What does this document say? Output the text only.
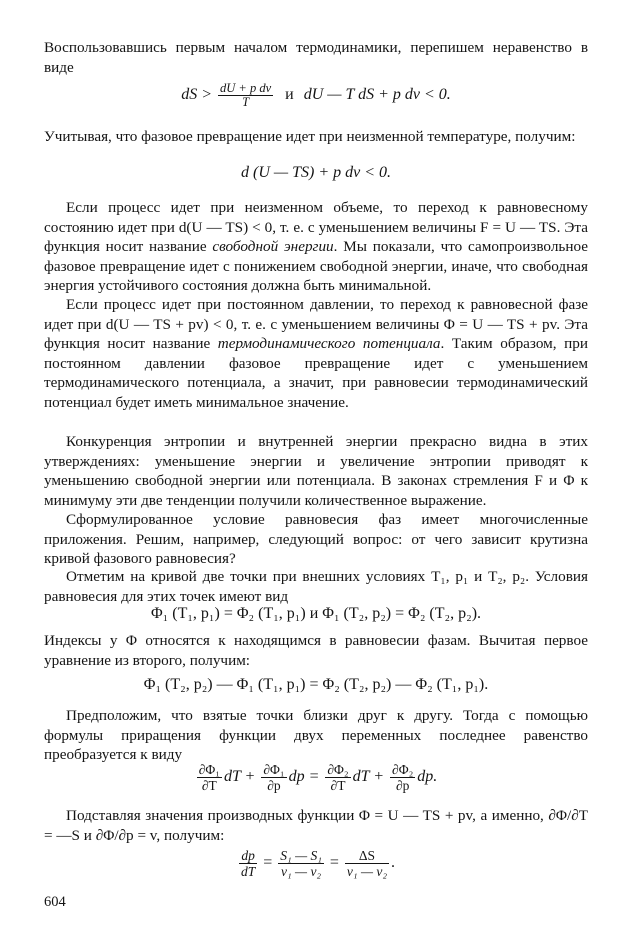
Воспользовавшись первым началом термодинамики, перепишем неравенство в виде

dS > $\frac{\text{dU + p dv}}{T}$ и dU — T dS + p dv < 0.

Учитывая, что фазовое превращение идет при неизменной температуре, получим:

d (U — TS) + p dv < 0.

Если процесс идет при неизменном объеме, то переход к равновесному состоянию идет при d(U — TS) < 0, т. е. с уменьшением величины F = U — TS. Эта функция носит название свободной энергии. Мы показали, что самопроизвольное фазовое превращение идет с понижением свободной энергии, иначе, что свободная энергия устойчивого состояния должна быть минимальной.

Если процесс идет при постоянном давлении, то переход к равновесной фазе идет при d(U — TS + pv) < 0, т. е. с уменьшением величины Φ = U — TS + pv. Эта функция носит название термодинамического потенциала. Таким образом, при постоянном давлении фазовое превращение идет с уменьшением термодинамического потенциала, а значит, при равновесии термодинамический потенциал будет иметь минимальное значение.

Конкуренция энтропии и внутренней энергии прекрасно видна в этих утверждениях: уменьшение энергии и увеличение энтропии приводят к уменьшению свободной энергии или потенциала. В законах стремления F и Φ к минимуму эти две тенденции получили количественное выражение.

Сформулированное условие равновесия фаз имеет многочисленные приложения. Решим, например, следующий вопрос: от чего зависит крутизна кривой фазового равновесия?

Отметим на кривой две точки при внешних условиях T₁, p₁ и T₂, p₂. Условия равновесия для этих точек имеют вид

Φ₁ (T₁, p₁) = Φ₂ (T₁, p₁) и Φ₁ (T₂, p₂) = Φ₂ (T₂, p₂).

Индексы у Φ относятся к находящимся в равновесии фазам. Вычитая первое уравнение из второго, получим:

Φ₁ (T₂, p₂) — Φ₁ (T₁, p₁) = Φ₂ (T₂, p₂) — Φ₂ (T₁, p₁).

Предположим, что взятые точки близки друг к другу. Тогда с помощью формулы приращения функции двух переменных последнее равенство преобразуется к виду

$\frac{\text{∂Φ₁}}{\partial T}$ dT + $\frac{\text{∂Φ₁}}{\partial p}$ dp = $\frac{\text{∂Φ₂}}{\partial T}$ dT + $\frac{\text{∂Φ₂}}{\partial p}$ dp.

Подставляя значения производных функции Φ = U — TS + pv, а именно, ∂Φ/∂T = —S и ∂Φ/∂p = v, получим:

$\frac{dp}{dT} = \frac{\text{S₁ — S₁}}{\text{v₁ — v₂}} = \frac{\Delta S}{\text{v₁ — v₂}}$ .
604
